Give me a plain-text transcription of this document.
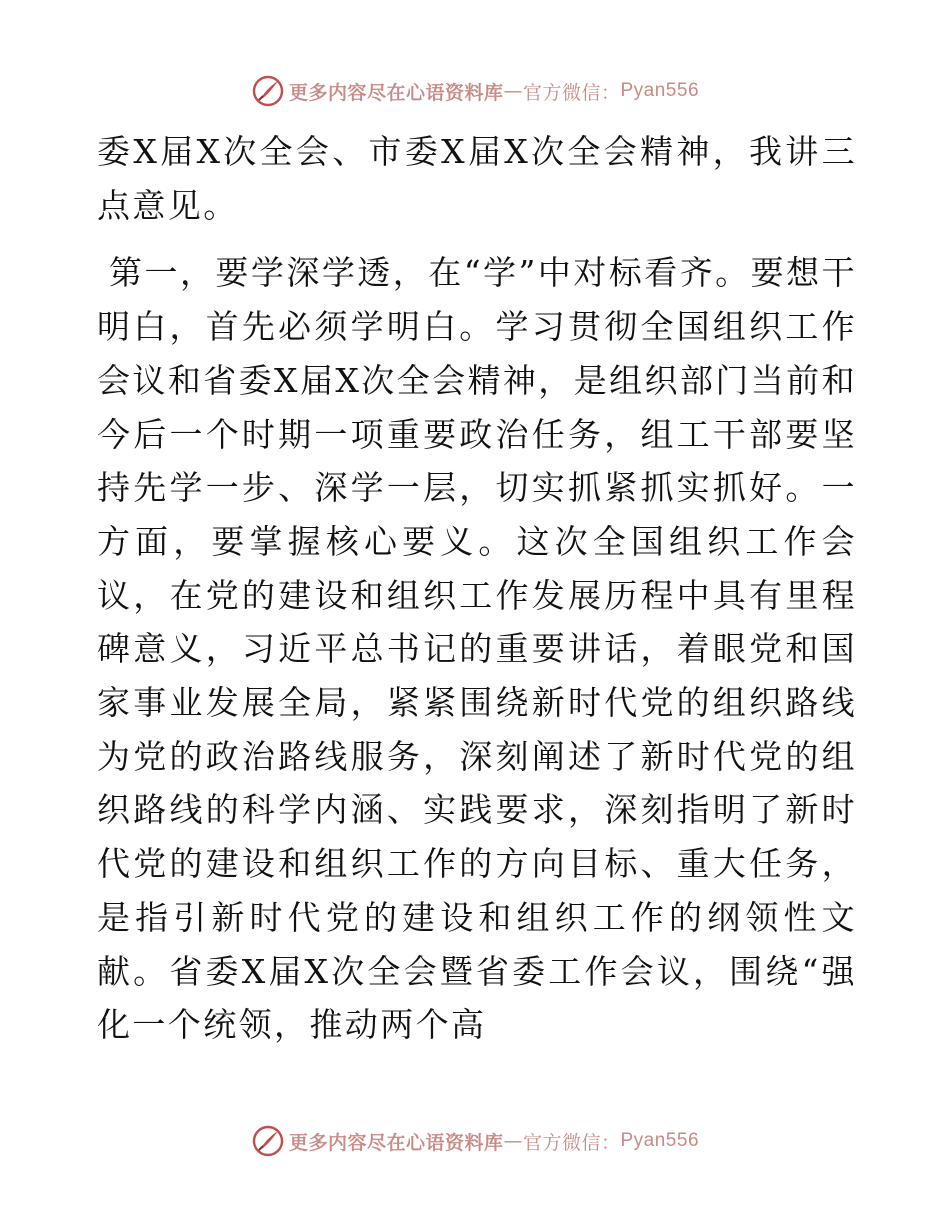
更多内容尽在心语资料库 — 官方微信： Pyan556

委X届X次全会、市委X届X次全会精神，我讲三点意见。

第一，要学深学透，在“学”中对标看齐。要想干明白，首先必须学明白。学习贯彻全国组织工作会议和省委X届X次全会精神，是组织部门当前和今后一个时期一项重要政治任务，组工干部要坚持先学一步、深学一层，切实抓紧抓实抓好。一方面，要掌握核心要义。这次全国组织工作会议，在党的建设和组织工作发展历程中具有里程碑意义，习近平总书记的重要讲话，着眼党和国家事业发展全局，紧紧围绕新时代党的组织路线为党的政治路线服务，深刻阐述了新时代党的组织路线的科学内涵、实践要求，深刻指明了新时代党的建设和组织工作的方向目标、重大任务，是指引新时代党的建设和组织工作的纲领性文献。省委X届X次全会暨省委工作会议，围绕“强化一个统领，推动两个高

更多内容尽在心语资料库 — 官方微信： Pyan556
